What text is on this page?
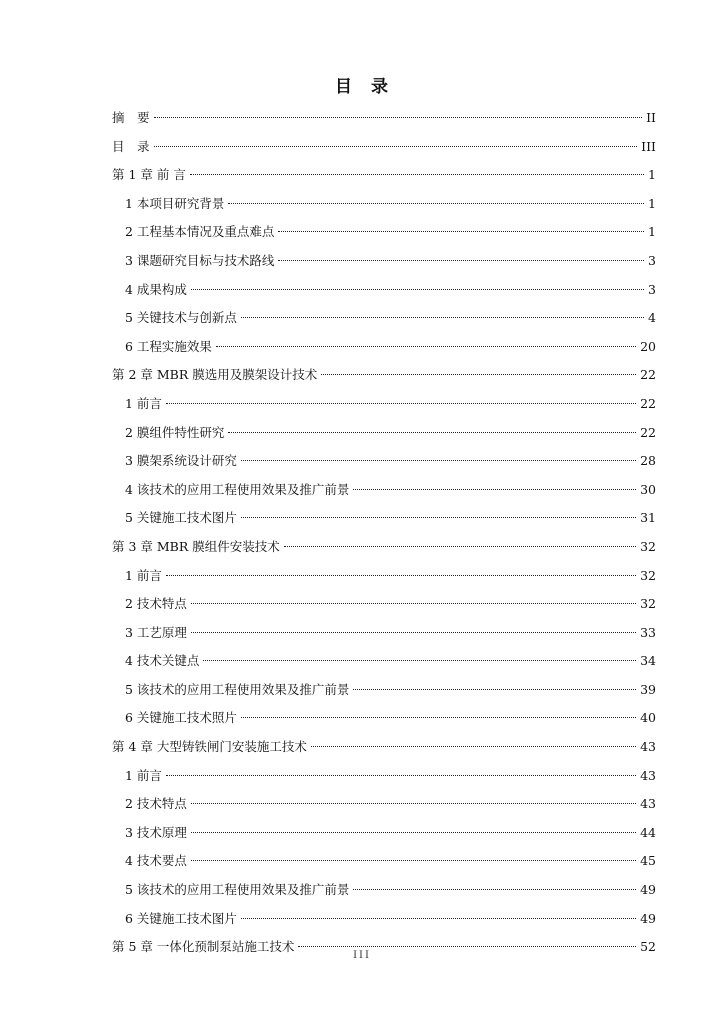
目　录
摘　要	II
目　录	III
第 1 章 前 言	1
1 本项目研究背景	1
2 工程基本情况及重点难点	1
3 课题研究目标与技术路线	3
4 成果构成	3
5 关键技术与创新点	4
6 工程实施效果	20
第 2 章 MBR 膜选用及膜架设计技术	22
1 前言	22
2 膜组件特性研究	22
3 膜架系统设计研究	28
4 该技术的应用工程使用效果及推广前景	30
5 关键施工技术图片	31
第 3 章 MBR 膜组件安装技术	32
1 前言	32
2 技术特点	32
3 工艺原理	33
4 技术关键点	34
5 该技术的应用工程使用效果及推广前景	39
6 关键施工技术照片	40
第 4 章 大型铸铁闸门安装施工技术	43
1 前言	43
2 技术特点	43
3 技术原理	44
4 技术要点	45
5 该技术的应用工程使用效果及推广前景	49
6 关键施工技术图片	49
第 5 章 一体化预制泵站施工技术	52
III
